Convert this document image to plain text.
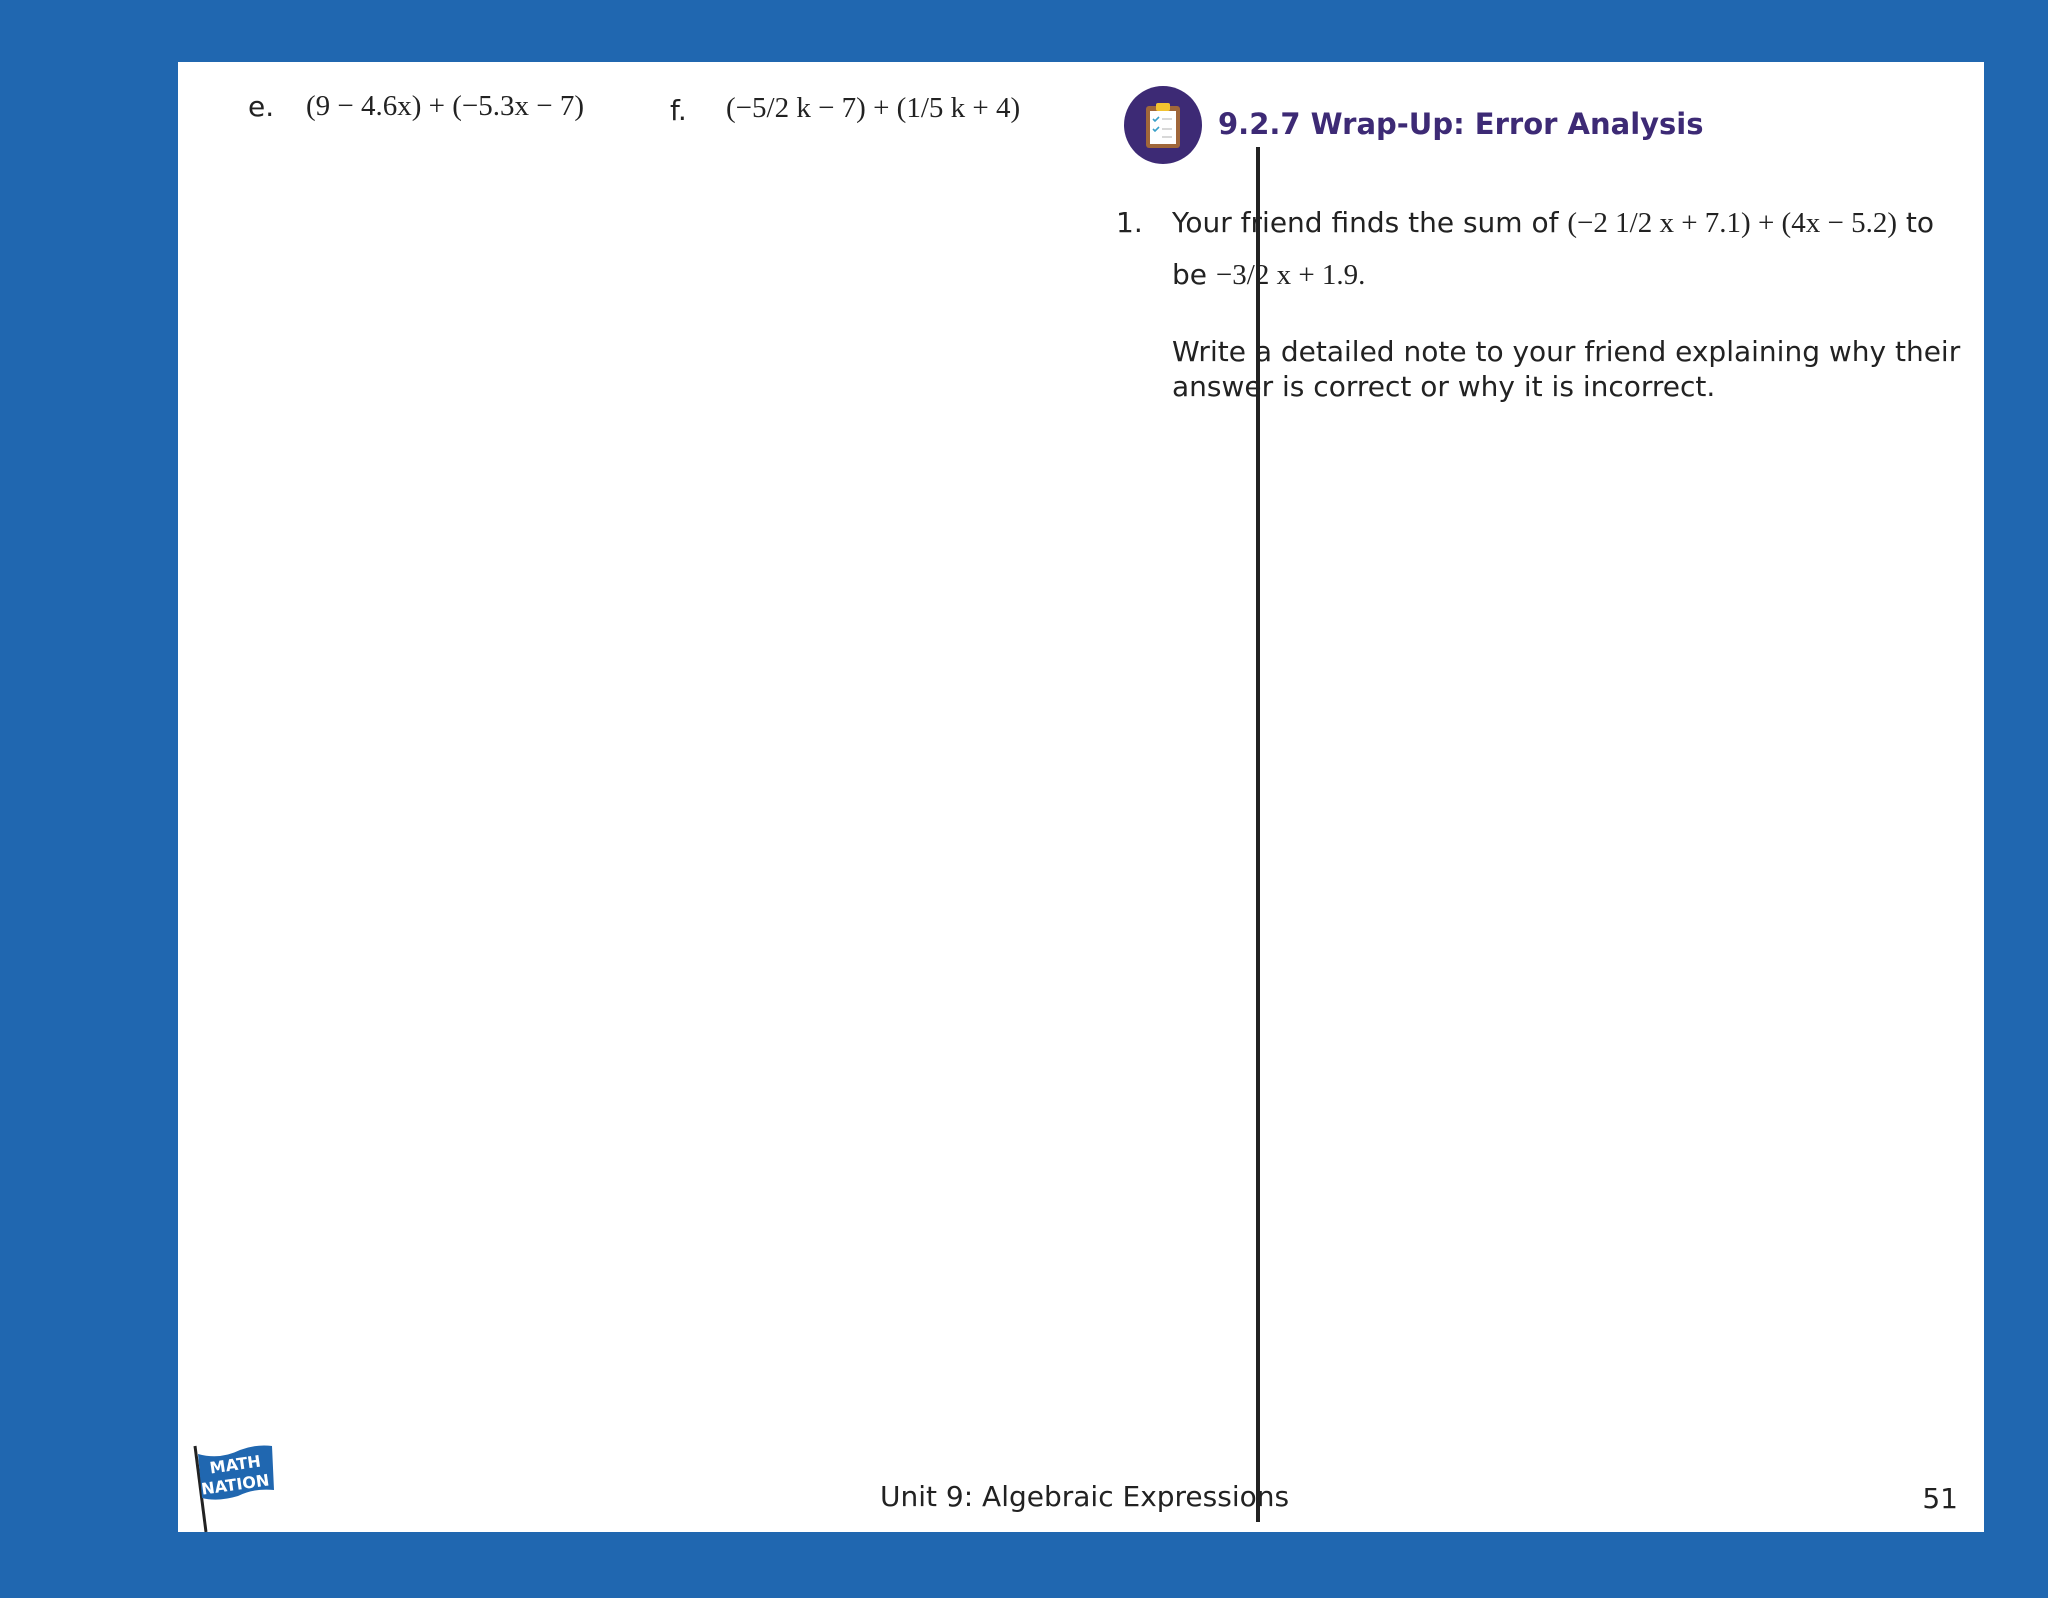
e. (9 − 4.6x) + (−5.3x − 7)	f. (−5/2 k − 7) + (1/5 k + 4)	9.2.7 Wrap-Up: Error Analysis
1. Your friend finds the sum of (−2 1/2 x + 7.1) + (4x − 5.2) to
be −3/2 x + 1.9.
Write a detailed note to your friend explaining why their answer is correct or why it is incorrect.
MATH
NATION	Unit 9: Algebraic Expressions	51
